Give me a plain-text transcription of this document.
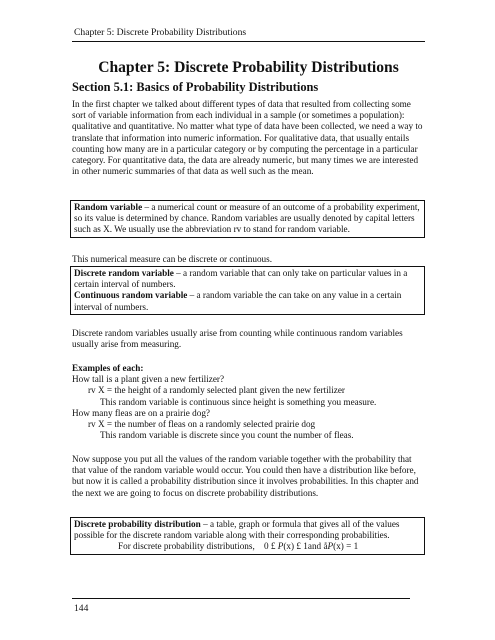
Chapter 5: Discrete Probability Distributions
Chapter 5: Discrete Probability Distributions
Section 5.1: Basics of Probability Distributions

In the first chapter we talked about different types of data that resulted from collecting some sort of variable information from each individual in a sample (or sometimes a population): qualitative and quantitative. No matter what type of data have been collected, we need a way to translate that information into numeric information. For qualitative data, that usually entails counting how many are in a particular category or by computing the percentage in a particular category. For quantitative data, the data are already numeric, but many times we are interested in other numeric summaries of that data as well such as the mean.

Random variable – a numerical count or measure of an outcome of a probability experiment, so its value is determined by chance. Random variables are usually denoted by capital letters such as X. We usually use the abbreviation rv to stand for random variable.

This numerical measure can be discrete or continuous.

Discrete random variable – a random variable that can only take on particular values in a certain interval of numbers.

Continuous random variable – a random variable the can take on any value in a certain interval of numbers.

Discrete random variables usually arise from counting while continuous random variables usually arise from measuring.

Examples of each:

How tall is a plant given a new fertilizer?

rv X = the height of a randomly selected plant given the new fertilizer

This random variable is continuous since height is something you measure.

How many fleas are on a prairie dog?

rv X = the number of fleas on a randomly selected prairie dog

This random variable is discrete since you count the number of fleas.

Now suppose you put all the values of the random variable together with the probability that that value of the random variable would occur. You could then have a distribution like before, but now it is called a probability distribution since it involves probabilities. In this chapter and the next we are going to focus on discrete probability distributions.

Discrete probability distribution – a table, graph or formula that gives all of the values possible for the discrete random variable along with their corresponding probabilities.

For discrete probability distributions, 0 £ P(x) £ 1and åP(x) = 1

144
